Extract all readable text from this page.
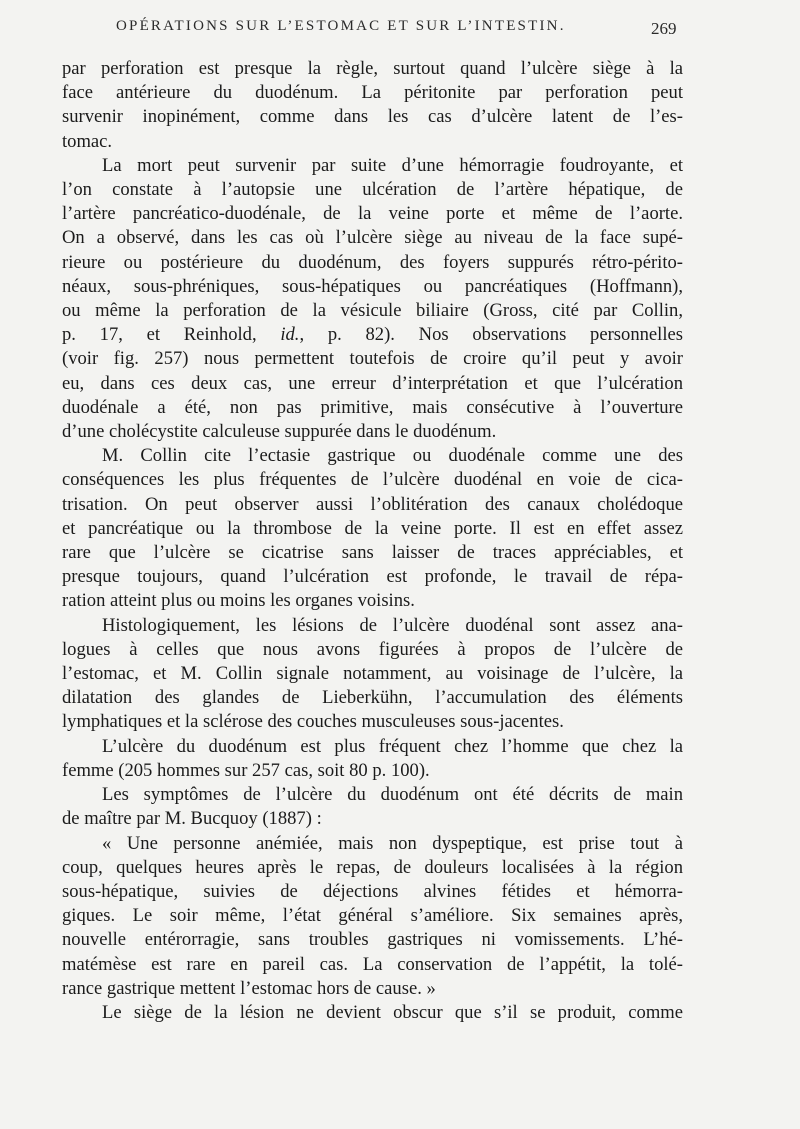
OPÉRATIONS SUR L’ESTOMAC ET SUR L’INTESTIN.	269

par perforation est presque la règle, surtout quand l’ulcère siège à la
face antérieure du duodénum. La péritonite par perforation peut
survenir inopinément, comme dans les cas d’ulcère latent de l’es-
tomac.

La mort peut survenir par suite d’une hémorragie foudroyante, et
l’on constate à l’autopsie une ulcération de l’artère hépatique, de
l’artère pancréatico-duodénale, de la veine porte et même de l’aorte.
On a observé, dans les cas où l’ulcère siège au niveau de la face supé-
rieure ou postérieure du duodénum, des foyers suppurés rétro-périto-
néaux, sous-phréniques, sous-hépatiques ou pancréatiques (Hoffmann),
ou même la perforation de la vésicule biliaire (Gross, cité par Collin,
p. 17, et Reinhold, id., p. 82). Nos observations personnelles
(voir fig. 257) nous permettent toutefois de croire qu’il peut y avoir
eu, dans ces deux cas, une erreur d’interprétation et que l’ulcération
duodénale a été, non pas primitive, mais consécutive à l’ouverture
d’une cholécystite calculeuse suppurée dans le duodénum.

M. Collin cite l’ectasie gastrique ou duodénale comme une des
conséquences les plus fréquentes de l’ulcère duodénal en voie de cica-
trisation. On peut observer aussi l’oblitération des canaux cholédoque
et pancréatique ou la thrombose de la veine porte. Il est en effet assez
rare que l’ulcère se cicatrise sans laisser de traces appréciables, et
presque toujours, quand l’ulcération est profonde, le travail de répa-
ration atteint plus ou moins les organes voisins.

Histologiquement, les lésions de l’ulcère duodénal sont assez ana-
logues à celles que nous avons figurées à propos de l’ulcère de
l’estomac, et M. Collin signale notamment, au voisinage de l’ulcère, la
dilatation des glandes de Lieberkühn, l’accumulation des éléments
lymphatiques et la sclérose des couches musculeuses sous-jacentes.

L’ulcère du duodénum est plus fréquent chez l’homme que chez la
femme (205 hommes sur 257 cas, soit 80 p. 100).

Les symptômes de l’ulcère du duodénum ont été décrits de main
de maître par M. Bucquoy (1887) :

« Une personne anémiée, mais non dyspeptique, est prise tout à
coup, quelques heures après le repas, de douleurs localisées à la région
sous-hépatique, suivies de déjections alvines fétides et hémorra-
giques. Le soir même, l’état général s’améliore. Six semaines après,
nouvelle entérorragie, sans troubles gastriques ni vomissements. L’hé-
matémèse est rare en pareil cas. La conservation de l’appétit, la tolé-
rance gastrique mettent l’estomac hors de cause. »

Le siège de la lésion ne devient obscur que s’il se produit, comme
